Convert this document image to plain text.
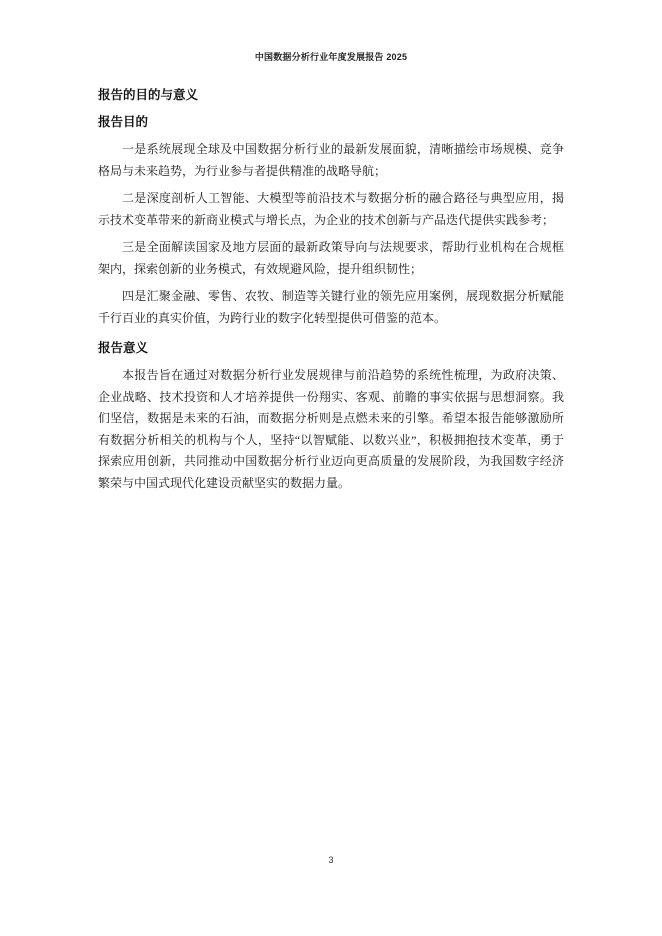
中国数据分析行业年度发展报告 2025
报告的目的与意义
报告目的

一是系统展现全球及中国数据分析行业的最新发展面貌，清晰描绘市场规模、竞争格局与未来趋势，为行业参与者提供精准的战略导航；

二是深度剖析人工智能、大模型等前沿技术与数据分析的融合路径与典型应用，揭示技术变革带来的新商业模式与增长点，为企业的技术创新与产品迭代提供实践参考；

三是全面解读国家及地方层面的最新政策导向与法规要求，帮助行业机构在合规框架内，探索创新的业务模式，有效规避风险，提升组织韧性；

四是汇聚金融、零售、农牧、制造等关键行业的领先应用案例，展现数据分析赋能千行百业的真实价值，为跨行业的数字化转型提供可借鉴的范本。

报告意义

本报告旨在通过对数据分析行业发展规律与前沿趋势的系统性梳理，为政府决策、企业战略、技术投资和人才培养提供一份翔实、客观、前瞻的事实依据与思想洞察。我们坚信，数据是未来的石油，而数据分析则是点燃未来的引擎。希望本报告能够激励所有数据分析相关的机构与个人，坚持“以智赋能、以数兴业”，积极拥抱技术变革，勇于探索应用创新，共同推动中国数据分析行业迈向更高质量的发展阶段，为我国数字经济繁荣与中国式现代化建设贡献坚实的数据力量。

3
